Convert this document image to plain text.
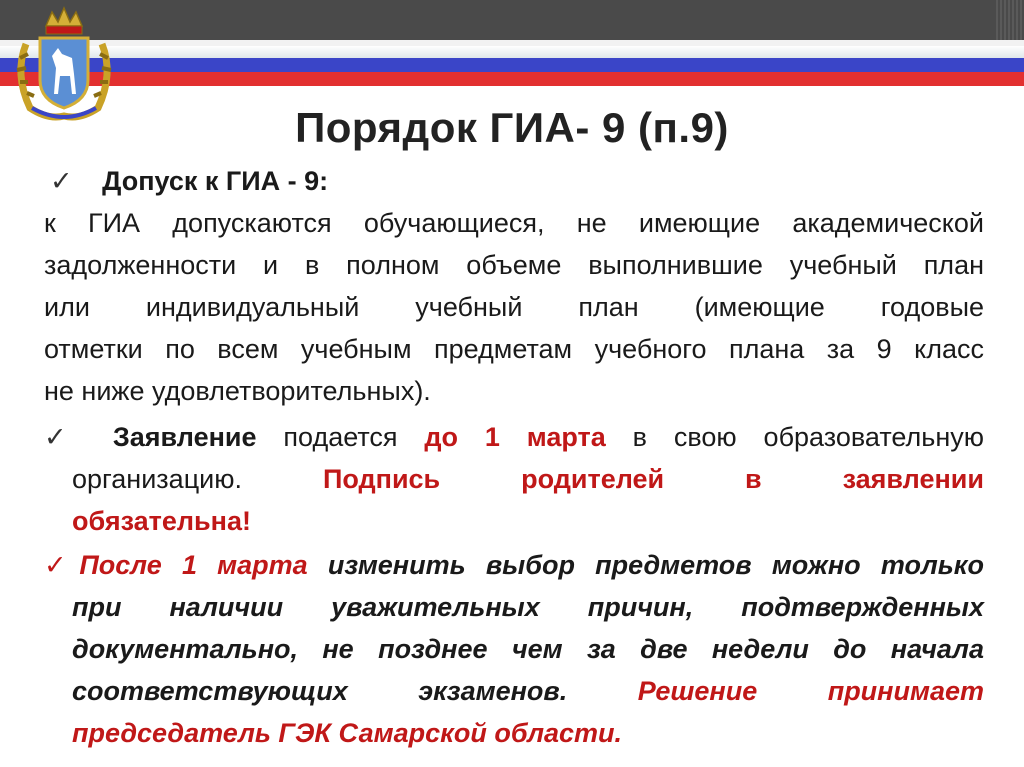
Порядок ГИА- 9 (п.9)
✓ Допуск к ГИА - 9:
к ГИА допускаются обучающиеся, не имеющие академической
задолженности и в полном объеме выполнившие учебный план
или индивидуальный учебный план (имеющие годовые
отметки по всем учебным предметам учебного плана за 9 класс
не ниже удовлетворительных).
✓ Заявление подается до 1 марта в свою образовательную
организацию.	Подпись родителей в заявлении
обязательна!
✓После 1 марта изменить выбор предметов можно только
при наличии уважительных причин, подтвержденных
документально, не позднее чем за две недели до начала
соответствующих экзаменов.	Решение принимает
председатель ГЭК Самарской области.
